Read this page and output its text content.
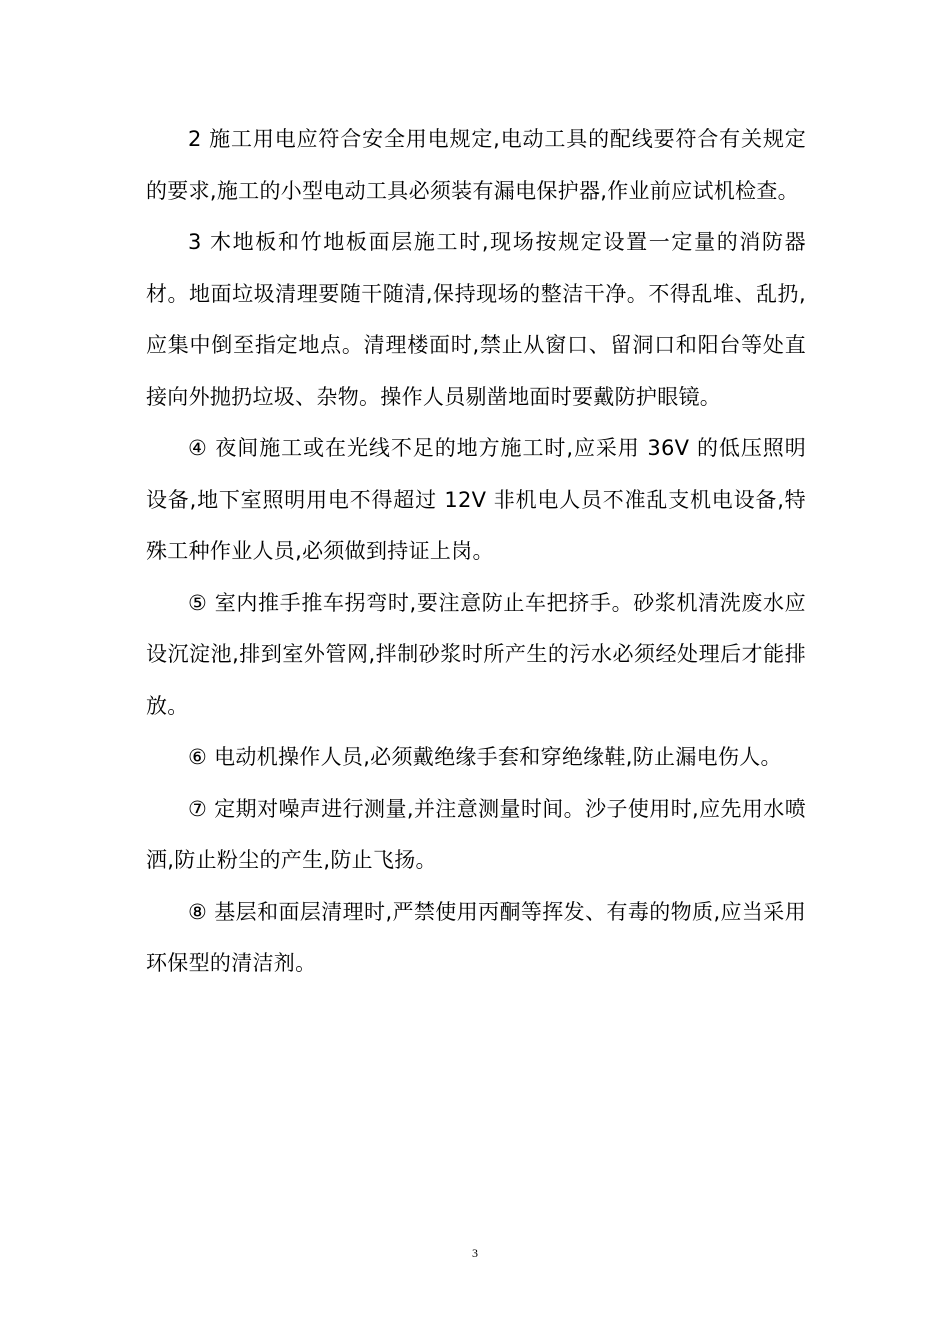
2 施工用电应符合安全用电规定,电动工具的配线要符合有关规定的要求,施工的小型电动工具必须装有漏电保护器,作业前应试机检查。

3 木地板和竹地板面层施工时,现场按规定设置一定量的消防器材。地面垃圾清理要随干随清,保持现场的整洁干净。不得乱堆、乱扔,应集中倒至指定地点。清理楼面时,禁止从窗口、留洞口和阳台等处直接向外抛扔垃圾、杂物。操作人员剔凿地面时要戴防护眼镜。

④ 夜间施工或在光线不足的地方施工时,应采用 36V 的低压照明设备,地下室照明用电不得超过 12V 非机电人员不准乱支机电设备,特殊工种作业人员,必须做到持证上岗。

⑤ 室内推手推车拐弯时,要注意防止车把挤手。砂浆机清洗废水应设沉淀池,排到室外管网,拌制砂浆时所产生的污水必须经处理后才能排放。

⑥ 电动机操作人员,必须戴绝缘手套和穿绝缘鞋,防止漏电伤人。

⑦ 定期对噪声进行测量,并注意测量时间。沙子使用时,应先用水喷洒,防止粉尘的产生,防止飞扬。

⑧ 基层和面层清理时,严禁使用丙酮等挥发、有毒的物质,应当采用环保型的清洁剂。

3
